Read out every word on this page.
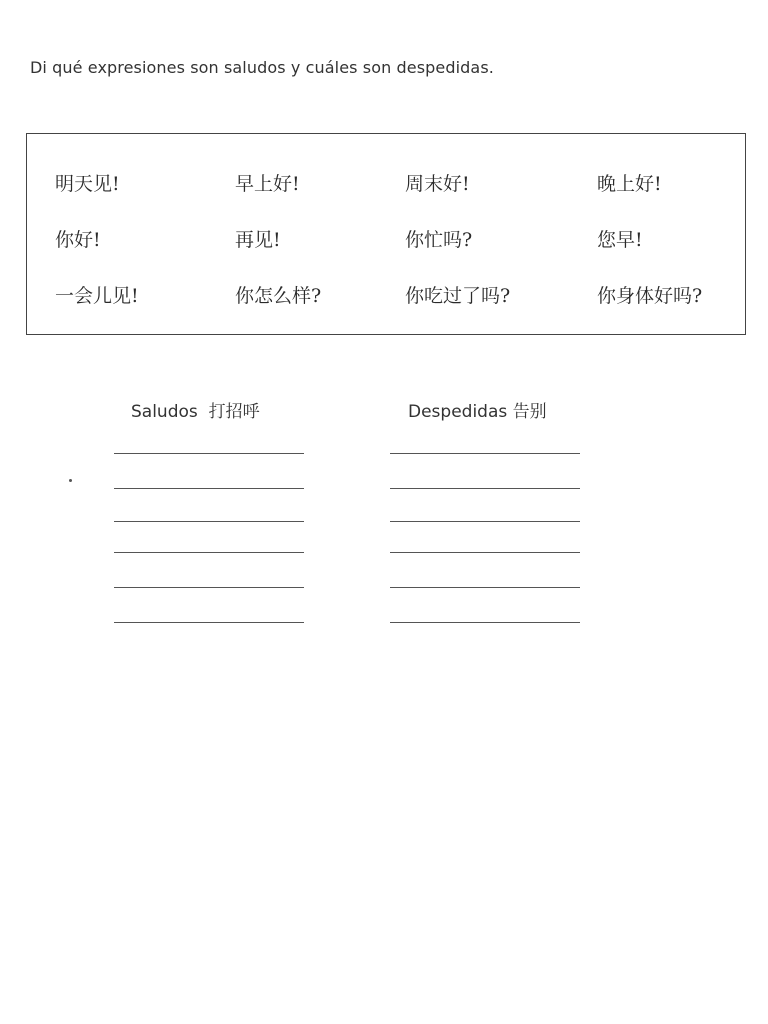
Di qué expresiones son saludos y cuáles son despedidas.
明天见!	早上好!	周末好!	晚上好!
你好!	再见!	你忙吗?	您早!
一会儿见!	你怎么样?	你吃过了吗?	你身体好吗?
Saludos 打招呼	Despedidas 告别
